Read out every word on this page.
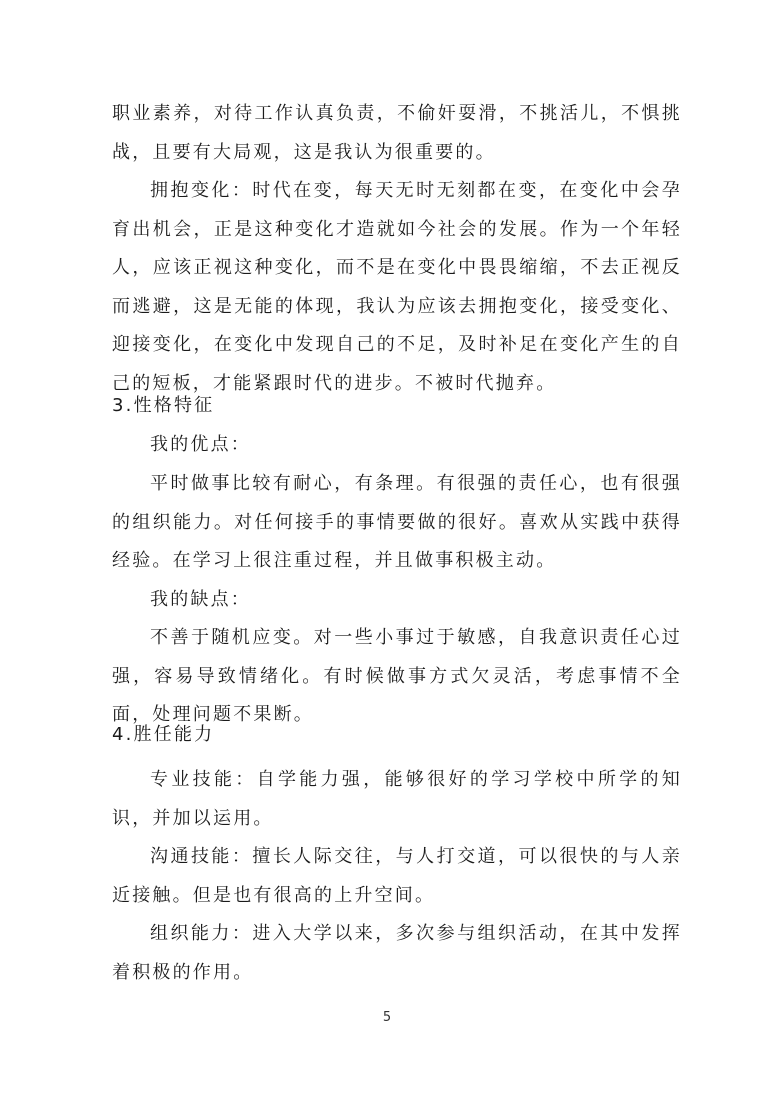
职业素养，对待工作认真负责，不偷奸耍滑，不挑活儿，不惧挑战，且要有大局观，这是我认为很重要的。

拥抱变化：时代在变，每天无时无刻都在变，在变化中会孕育出机会，正是这种变化才造就如今社会的发展。作为一个年轻人，应该正视这种变化，而不是在变化中畏畏缩缩，不去正视反而逃避，这是无能的体现，我认为应该去拥抱变化，接受变化、迎接变化，在变化中发现自己的不足，及时补足在变化产生的自己的短板，才能紧跟时代的进步。不被时代抛弃。

3.性格特征

我的优点：

平时做事比较有耐心，有条理。有很强的责任心，也有很强的组织能力。对任何接手的事情要做的很好。喜欢从实践中获得经验。在学习上很注重过程，并且做事积极主动。

我的缺点：

不善于随机应变。对一些小事过于敏感，自我意识责任心过强，容易导致情绪化。有时候做事方式欠灵活，考虑事情不全面，处理问题不果断。

4.胜任能力

专业技能：自学能力强，能够很好的学习学校中所学的知识，并加以运用。

沟通技能：擅长人际交往，与人打交道，可以很快的与人亲近接触。但是也有很高的上升空间。

组织能力：进入大学以来，多次参与组织活动，在其中发挥着积极的作用。

5
